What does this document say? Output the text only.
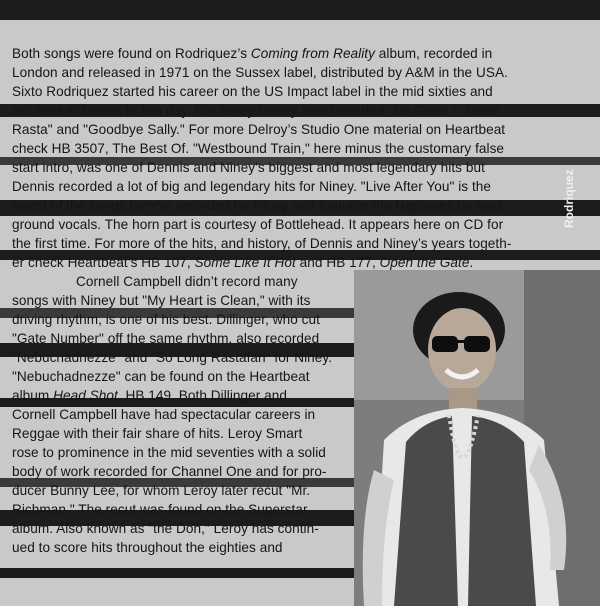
Rodriquez

Both songs were found on Rodriquez’s Coming from Reality album, recorded in

London and released in 1971 on the Sussex label, distributed by A&M in the USA.

Sixto Rodriquez started his career on the US Impact label in the mid sixties and

still lives in Detroit to this day. For Niney Delroy also recorded "Do Good," "False

Rasta" and "Goodbye Sally." For more Delroy’s Studio One material on Heartbeat

check HB 3507, The Best Of. "Westbound Train," here minus the customary false

start intro, was one of Dennis and Niney’s biggest and most legendary hits but

Dennis recorded a lot of big and legendary hits for Niney. "Live After You" is the

rarest of the songs Dennis recorded for Niney and features the Heptones on back-

ground vocals. The horn part is courtesy of Bottlehead. It appears here on CD for

the first time. For more of the hits, and history, of Dennis and Niney’s years togeth-

er check Heartbeat’s HB 107, Some Like It Hot and HB 177, Open the Gate.

Cornell Campbell didn’t record many

songs with Niney but "My Heart is Clean," with its

driving rhythm, is one of his best. Dillinger, who cut

"Gate Number" off the same rhythm, also recorded

"Nebuchadnezze" and "So Long Rastafari" for Niney.

"Nebuchadnezze" can be found on the Heartbeat

album Head Shot, HB 149. Both Dillinger and

Cornell Campbell have had spectacular careers in

Reggae with their fair share of hits. Leroy Smart

rose to prominence in the mid seventies with a solid

body of work recorded for Channel One and for pro-

ducer Bunny Lee, for whom Leroy later recut "Mr.

Richman." The recut was found on the Superstar

album. Also known as "the Don," Leroy has contin-

ued to score hits throughout the eighties and
